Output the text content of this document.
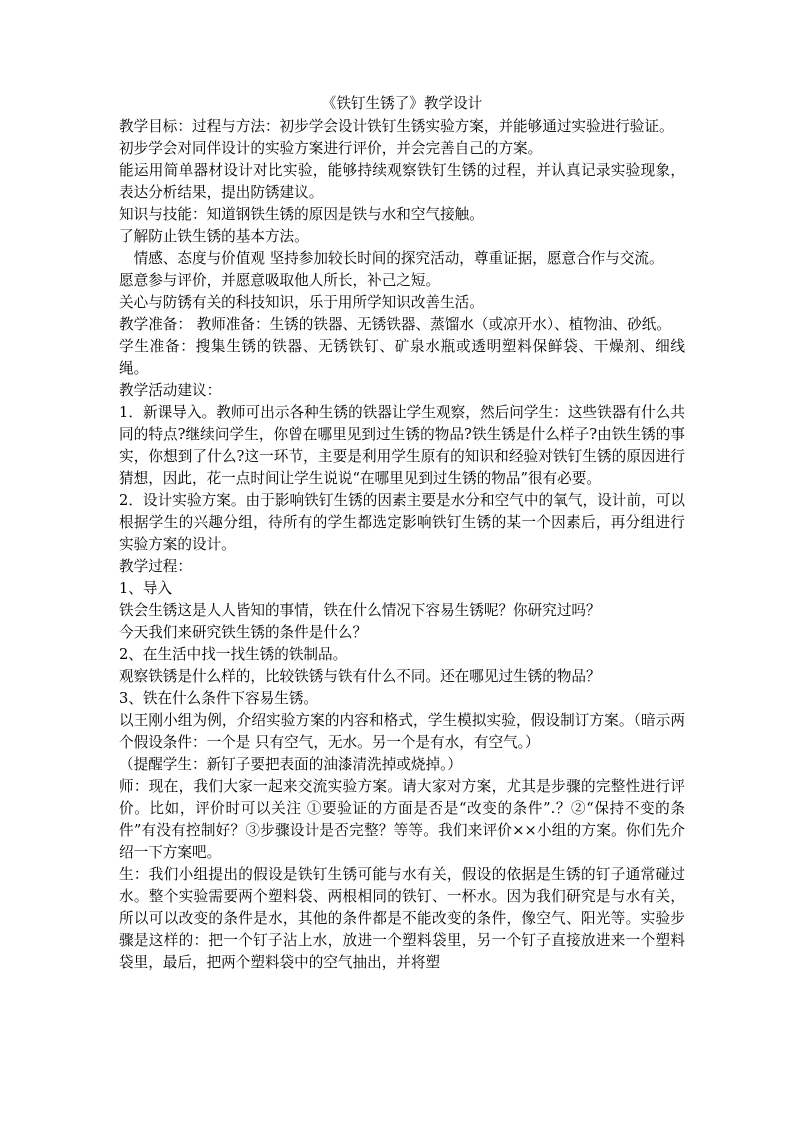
《铁钉生锈了》教学设计

教学目标：过程与方法：初步学会设计铁钉生锈实验方案，并能够通过实验进行验证。

初步学会对同伴设计的实验方案进行评价，并会完善自己的方案。

能运用简单器材设计对比实验，能够持续观察铁钉生锈的过程，并认真记录实验现象，表达分析结果，提出防锈建议。

知识与技能：知道钢铁生锈的原因是铁与水和空气接触。

了解防止铁生锈的基本方法。

情感、态度与价值观 坚持参加较长时间的探究活动，尊重证据，愿意合作与交流。

愿意参与评价，并愿意吸取他人所长，补己之短。

关心与防锈有关的科技知识，乐于用所学知识改善生活。

教学准备： 教师准备：生锈的铁器、无锈铁器、蒸馏水（或凉开水）、植物油、砂纸。

学生准备：搜集生锈的铁器、无锈铁钉、矿泉水瓶或透明塑料保鲜袋、干燥剂、细线绳。

教学活动建议：

1．新课导入。教师可出示各种生锈的铁器让学生观察，然后问学生：这些铁器有什么共同的特点?继续问学生，你曾在哪里见到过生锈的物品?铁生锈是什么样子?由铁生锈的事实，你想到了什么?这一环节，主要是利用学生原有的知识和经验对铁钉生锈的原因进行猜想，因此，花一点时间让学生说说“在哪里见到过生锈的物品”很有必要。

2．设计实验方案。由于影响铁钉生锈的因素主要是水分和空气中的氧气，设计前，可以根据学生的兴趣分组，待所有的学生都选定影响铁钉生锈的某一个因素后，再分组进行实验方案的设计。

教学过程：

1、导入

铁会生锈这是人人皆知的事情，铁在什么情况下容易生锈呢？你研究过吗？

今天我们来研究铁生锈的条件是什么？

2、在生活中找一找生锈的铁制品。

观察铁锈是什么样的，比较铁锈与铁有什么不同。还在哪见过生锈的物品？

3、铁在什么条件下容易生锈。

以王刚小组为例，介绍实验方案的内容和格式，学生模拟实验，假设制订方案。（暗示两个假设条件：一个是 只有空气，无水。另一个是有水，有空气。）

（提醒学生：新钉子要把表面的油漆清洗掉或烧掉。）

师：现在，我们大家一起来交流实验方案。请大家对方案，尤其是步骤的完整性进行评价。比如，评价时可以关注 ①要验证的方面是否是“改变的条件”.？②“保持不变的条件”有没有控制好？③步骤设计是否完整？等等。我们来评价××小组的方案。你们先介绍一下方案吧。

生：我们小组提出的假设是铁钉生锈可能与水有关，假设的依据是生锈的钉子通常碰过水。整个实验需要两个塑料袋、两根相同的铁钉、一杯水。因为我们研究是与水有关，所以可以改变的条件是水，其他的条件都是不能改变的条件，像空气、阳光等。实验步骤是这样的：把一个钉子沾上水，放进一个塑料袋里，另一个钉子直接放进来一个塑料袋里，最后，把两个塑料袋中的空气抽出，并将塑
